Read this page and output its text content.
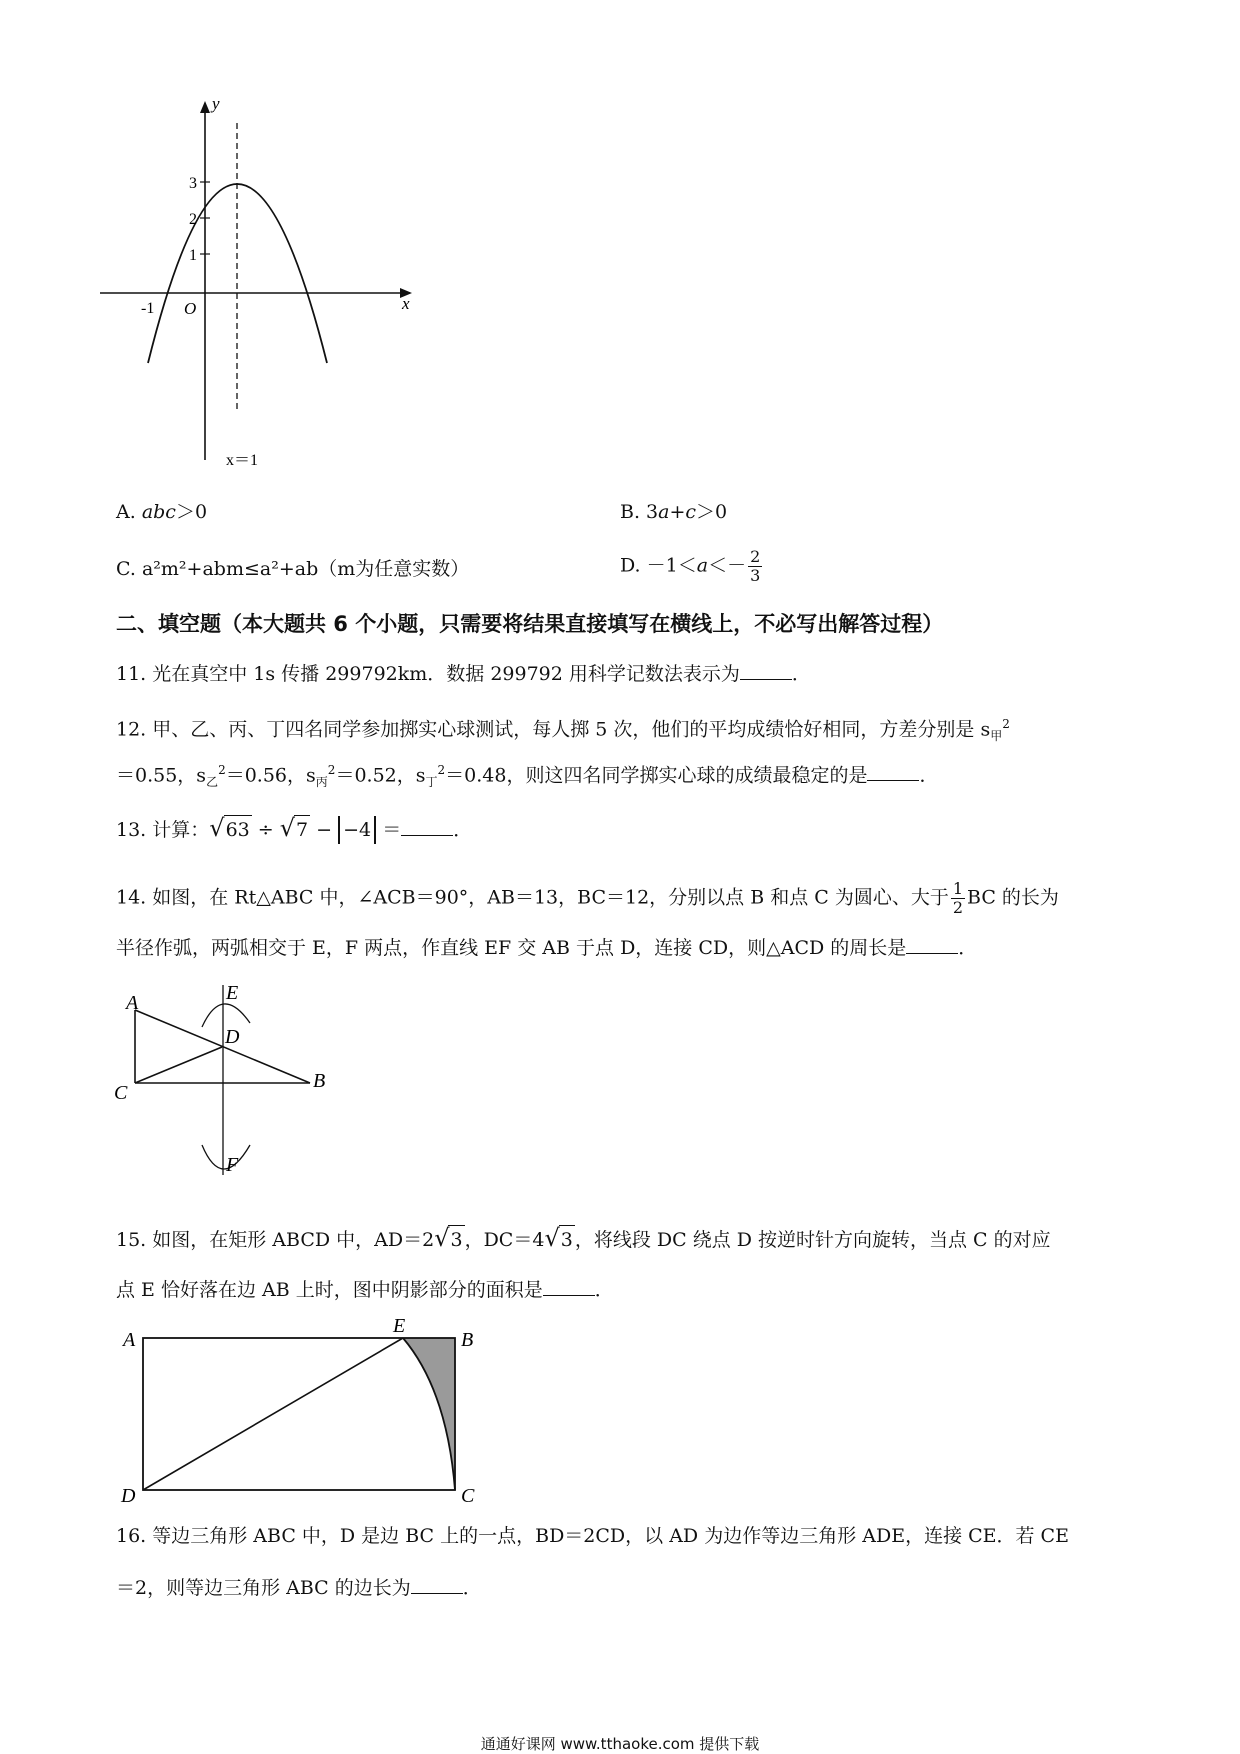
y
x
O
3
2
1
-1
x＝1
A. abc＞0	B. 3a+c＞0
C. a²m²+abm≤a²+ab（m为任意实数）	D. $-1<a<- \frac{2}{3}$
二、填空题（本大题共 6 个小题，只需要将结果直接填写在横线上，不必写出解答过程）
11. 光在真空中 1s 传播 299792km．数据 299792 用科学记数法表示为	．
12. 甲、乙、丙、丁四名同学参加掷实心球测试，每人掷 5 次，他们的平均成绩恰好相同，方差分别是 $s_甲^2$
＝0.55，$s_乙^2=0.56$，$s_丙^2=0.52$，$s_丁^2=0.48$，则这四名同学掷实心球的成绩最稳定的是	．
13. 计算：√63 ÷ √7 − −4 ＝	．
14. 如图，在 Rt△ABC 中，∠ACB＝90°，AB＝13，BC＝12，分别以点 B 和点 C 为圆心、大于 $\frac{1}{2}$ BC 的长为
半径作弧，两弧相交于 E，F 两点，作直线 EF 交 AB 于点 D，连接 CD，则△ACD 的周长是	．
A
C
B
D
E
F
15. 如图，在矩形 ABCD 中，AD＝2√3 ，DC＝4√3 ，将线段 DC 绕点 D 按逆时针方向旋转，当点 C 的对应
点 E 恰好落在边 AB 上时，图中阴影部分的面积是	．
A	B
C
D
E
16. 等边三角形 ABC 中，D 是边 BC 上的一点，BD＝2CD，以 AD 为边作等边三角形 ADE，连接 CE．若 CE
＝2，则等边三角形 ABC 的边长为	．
通通好课网 www.tthaoke.com 提供下载
